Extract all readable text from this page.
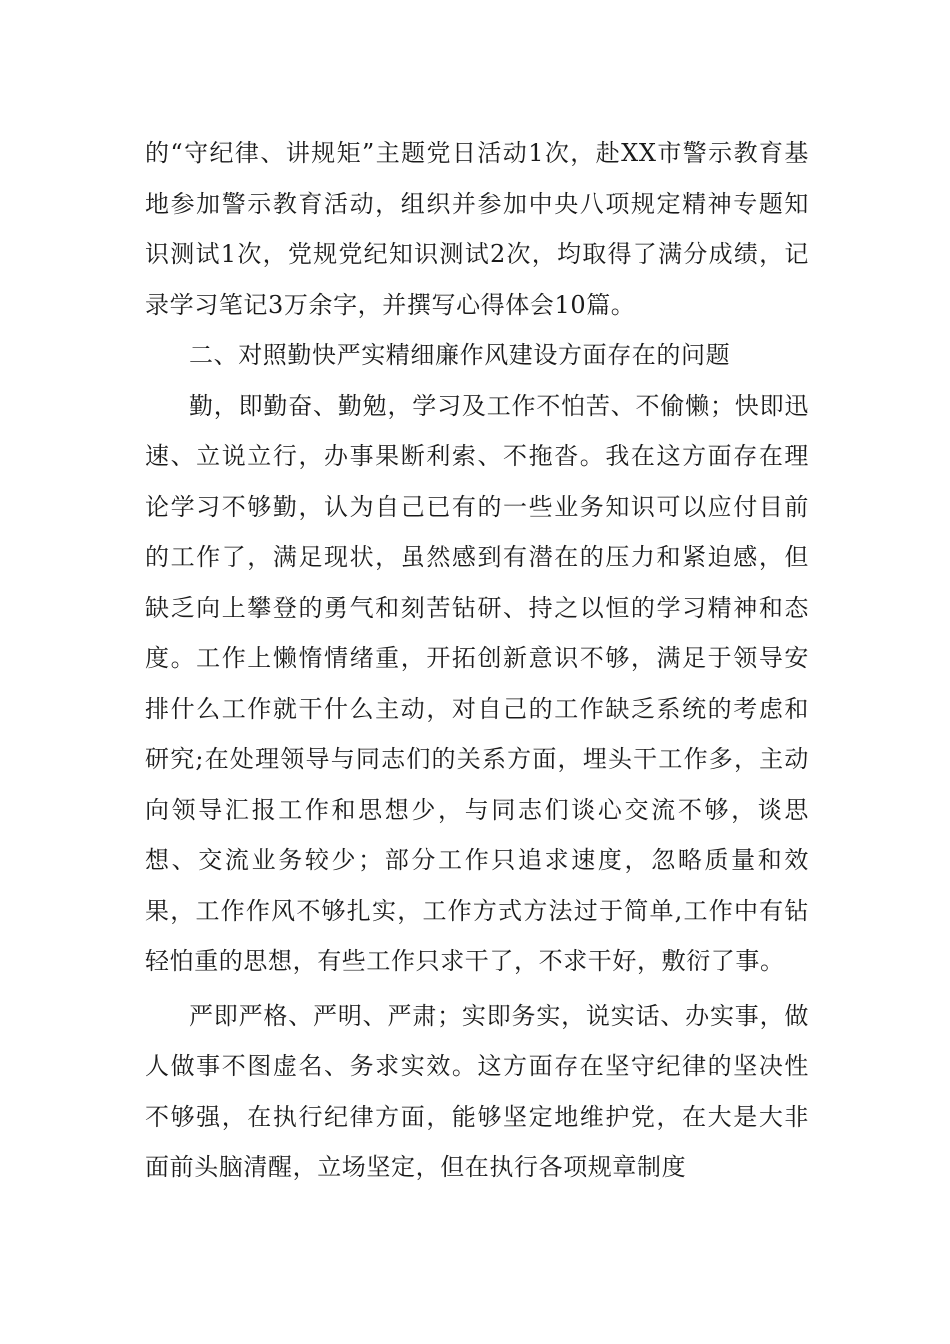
的“守纪律、讲规矩”主题党日活动1次，赴XX市警示教育基地参加警示教育活动，组织并参加中央八项规定精神专题知识测试1次，党规党纪知识测试2次，均取得了满分成绩，记录学习笔记3万余字，并撰写心得体会10篇。

二、对照勤快严实精细廉作风建设方面存在的问题

勤，即勤奋、勤勉，学习及工作不怕苦、不偷懒；快即迅速、立说立行，办事果断利索、不拖沓。我在这方面存在理论学习不够勤，认为自己已有的一些业务知识可以应付目前的工作了，满足现状，虽然感到有潜在的压力和紧迫感，但缺乏向上攀登的勇气和刻苦钻研、持之以恒的学习精神和态度。工作上懒惰情绪重，开拓创新意识不够，满足于领导安排什么工作就干什么主动，对自己的工作缺乏系统的考虑和研究;在处理领导与同志们的关系方面，埋头干工作多，主动向领导汇报工作和思想少，与同志们谈心交流不够，谈思想、交流业务较少；部分工作只追求速度，忽略质量和效果，工作作风不够扎实，工作方式方法过于简单,工作中有钻轻怕重的思想，有些工作只求干了，不求干好，敷衍了事。

严即严格、严明、严肃；实即务实，说实话、办实事，做人做事不图虚名、务求实效。这方面存在坚守纪律的坚决性不够强，在执行纪律方面，能够坚定地维护党，在大是大非面前头脑清醒，立场坚定，但在执行各项规章制度
